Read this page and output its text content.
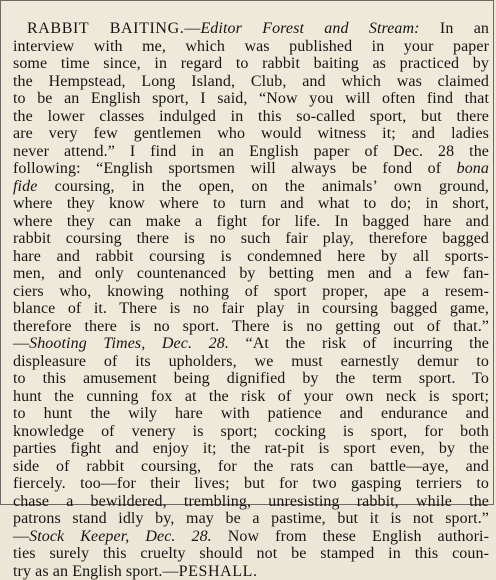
RABBIT BAITING.—Editor Forest and Stream: In an
interview with me, which was published in your paper
some time since, in regard to rabbit baiting as practiced by
the Hempstead, Long Island, Club, and which was claimed
to be an English sport, I said, “Now you will often find that
the lower classes indulged in this so-called sport, but there
are very few gentlemen who would witness it; and ladies
never attend.” I find in an English paper of Dec. 28 the
following: “English sportsmen will always be fond of bona
fide coursing, in the open, on the animals’ own ground,
where they know where to turn and what to do; in short,
where they can make a fight for life. In bagged hare and
rabbit coursing there is no such fair play, therefore bagged
hare and rabbit coursing is condemned here by all sports-
men, and only countenanced by betting men and a few fan-
ciers who, knowing nothing of sport proper, ape a resem-
blance of it. There is no fair play in coursing bagged game,
therefore there is no sport. There is no getting out of that.”
—Shooting Times, Dec. 28. “At the risk of incurring the
displeasure of its upholders, we must earnestly demur to
to this amusement being dignified by the term sport. To
hunt the cunning fox at the risk of your own neck is sport;
to hunt the wily hare with patience and endurance and
knowledge of venery is sport; cocking is sport, for both
parties fight and enjoy it; the rat-pit is sport even, by the
side of rabbit coursing, for the rats can battle—aye, and
fiercely. too—for their lives; but for two gasping terriers to
chase a bewildered, trembling, unresisting rabbit, while the
patrons stand idly by, may be a pastime, but it is not sport.”
—Stock Keeper, Dec. 28. Now from these English authori-
ties surely this cruelty should not be stamped in this coun-
try as an English sport.—PESHALL.
